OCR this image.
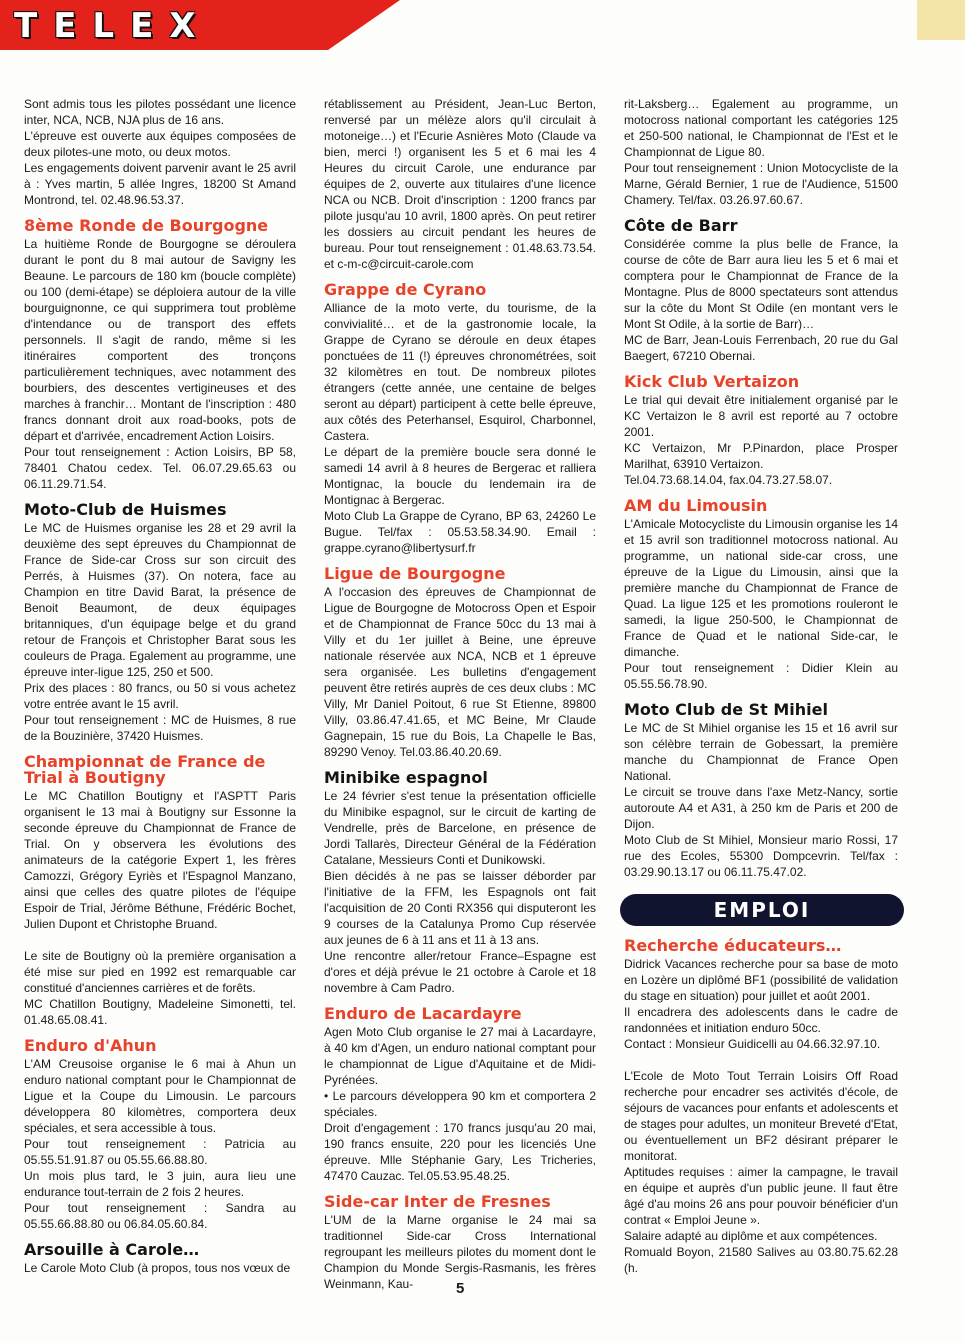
TELEX

Sont admis tous les pilotes possédant une licence inter, NCA, NCB, NJA plus de 16 ans.

L'épreuve est ouverte aux équipes composées de deux pilotes-une moto, ou deux motos.

Les engagements doivent parvenir avant le 25 avril à : Yves martin, 5 allée Ingres, 18200 St Amand Montrond, tel. 02.48.96.53.37.

8ème Ronde de Bourgogne

La huitième Ronde de Bourgogne se déroulera durant le pont du 8 mai autour de Savigny les Beaune. Le parcours de 180 km (boucle complète) ou 100 (demi-étape) se déploiera autour de la ville bourguignonne, ce qui supprimera tout problème d'intendance ou de transport des effets personnels. Il s'agit de rando, même si les itinéraires comportent des tronçons particulièrement techniques, avec notamment des bourbiers, des descentes vertigineuses et des marches à franchir… Montant de l'inscription : 480 francs donnant droit aux road-books, pots de départ et d'arrivée, encadrement Action Loisirs.

Pour tout renseignement : Action Loisirs, BP 58, 78401 Chatou cedex. Tel. 06.07.29.65.63 ou 06.11.29.71.54.

Moto-Club de Huismes

Le MC de Huismes organise les 28 et 29 avril la deuxième des sept épreuves du Championnat de France de Side-car Cross sur son circuit des Perrés, à Huismes (37). On notera, face au Champion en titre David Barat, la présence de Benoit Beaumont, de deux équipages britanniques, d'un équipage belge et du grand retour de François et Christopher Barat sous les couleurs de Praga. Egalement au programme, une épreuve inter-ligue 125, 250 et 500.

Prix des places : 80 francs, ou 50 si vous achetez votre entrée avant le 15 avril.

Pour tout renseignement : MC de Huismes, 8 rue de la Bouzinière, 37420 Huismes.

Championnat de France de Trial à Boutigny

Le MC Chatillon Boutigny et l'ASPTT Paris organisent le 13 mai à Boutigny sur Essonne la seconde épreuve du Championnat de France de Trial. On y observera les évolutions des animateurs de la catégorie Expert 1, les frères Camozzi, Grégory Eyriès et l'Espagnol Manzano, ainsi que celles des quatre pilotes de l'équipe Espoir de Trial, Jérôme Béthune, Frédéric Bochet, Julien Dupont et Christophe Bruand.

Le site de Boutigny où la première organisation a été mise sur pied en 1992 est remarquable car constitué d'anciennes carrières et de forêts.

MC Chatillon Boutigny, Madeleine Simonetti, tel. 01.48.65.08.41.

Enduro d'Ahun

L'AM Creusoise organise le 6 mai à Ahun un enduro national comptant pour le Championnat de Ligue et la Coupe du Limousin. Le parcours développera 80 kilomètres, comportera deux spéciales, et sera accessible à tous.

Pour tout renseignement : Patricia au 05.55.51.91.87 ou 05.55.66.88.80.

Un mois plus tard, le 3 juin, aura lieu une endurance tout-terrain de 2 fois 2 heures.

Pour tout renseignement : Sandra au 05.55.66.88.80 ou 06.84.05.60.84.

Arsouille à Carole…

Le Carole Moto Club (à propos, tous nos vœux de

rétablissement au Président, Jean-Luc Berton, renversé par un mélèze alors qu'il circulait à motoneige…) et l'Ecurie Asnières Moto (Claude va bien, merci !) organisent les 5 et 6 mai les 4 Heures du circuit Carole, une endurance par équipes de 2, ouverte aux titulaires d'une licence NCA ou NCB. Droit d'inscription : 1200 francs par pilote jusqu'au 10 avril, 1800 après. On peut retirer les dossiers au circuit pendant les heures de bureau. Pour tout renseignement : 01.48.63.73.54. et c-m-c@circuit-carole.com

Grappe de Cyrano

Alliance de la moto verte, du tourisme, de la convivialité… et de la gastronomie locale, la Grappe de Cyrano se déroule en deux étapes ponctuées de 11 (!) épreuves chronométrées, soit 32 kilomètres en tout. De nombreux pilotes étrangers (cette année, une centaine de belges seront au départ) participent à cette belle épreuve, aux côtés des Peterhansel, Esquirol, Charbonnel, Castera.

Le départ de la première boucle sera donné le samedi 14 avril à 8 heures de Bergerac et ralliera Montignac, la boucle du lendemain ira de Montignac à Bergerac.

Moto Club La Grappe de Cyrano, BP 63, 24260 Le Bugue. Tel/fax : 05.53.58.34.90. Email : grappe.cyrano@libertysurf.fr

Ligue de Bourgogne

A l'occasion des épreuves de Championnat de Ligue de Bourgogne de Motocross Open et Espoir et de Championnat de France 50cc du 13 mai à Villy et du 1er juillet à Beine, une épreuve nationale réservée aux NCA, NCB et 1 épreuve sera organisée. Les bulletins d'engagement peuvent être retirés auprès de ces deux clubs : MC Villy, Mr Daniel Poitout, 6 rue St Etienne, 89800 Villy, 03.86.47.41.65, et MC Beine, Mr Claude Gagnepain, 15 rue du Bois, La Chapelle le Bas, 89290 Venoy. Tel.03.86.40.20.69.

Minibike espagnol

Le 24 février s'est tenue la présentation officielle du Minibike espagnol, sur le circuit de karting de Vendrelle, près de Barcelone, en présence de Jordi Tallarès, Directeur Général de la Fédération Catalane, Messieurs Conti et Dunikowski.

Bien décidés à ne pas se laisser déborder par l'initiative de la FFM, les Espagnols ont fait l'acquisition de 20 Conti RX356 qui disputeront les 9 courses de la Catalunya Promo Cup réservée aux jeunes de 6 à 11 ans et 11 à 13 ans.

Une rencontre aller/retour France–Espagne est d'ores et déjà prévue le 21 octobre à Carole et 18 novembre à Cam Padro.

Enduro de Lacardayre

Agen Moto Club organise le 27 mai à Lacardayre, à 40 km d'Agen, un enduro national comptant pour le championnat de Ligue d'Aquitaine et de Midi-Pyrénées.

• Le parcours développera 90 km et comportera 2 spéciales.

Droit d'engagement : 170 francs jusqu'au 20 mai, 190 francs ensuite, 220 pour les licenciés Une épreuve. Mlle Stéphanie Gary, Les Tricheries, 47470 Cauzac. Tel.05.53.95.48.25.

Side-car Inter de Fresnes

L'UM de la Marne organise le 24 mai sa traditionnel Side-car Cross International regroupant les meilleurs pilotes du moment dont le Champion du Monde Sergis-Rasmanis, les frères Weinmann, Kau-

rit-Laksberg… Egalement au programme, un motocross national comportant les catégories 125 et 250-500 national, le Championnat de l'Est et le Championnat de Ligue 80.

Pour tout renseignement : Union Motocycliste de la Marne, Gérald Bernier, 1 rue de l'Audience, 51500 Chamery. Tel/fax. 03.26.97.60.67.

Côte de Barr

Considérée comme la plus belle de France, la course de côte de Barr aura lieu les 5 et 6 mai et comptera pour le Championnat de France de la Montagne. Plus de 8000 spectateurs sont attendus sur la côte du Mont St Odile (en montant vers le Mont St Odile, à la sortie de Barr)…

MC de Barr, Jean-Louis Ferrenbach, 20 rue du Gal Baegert, 67210 Obernai.

Kick Club Vertaizon

Le trial qui devait être initialement organisé par le KC Vertaizon le 8 avril est reporté au 7 octobre 2001.

KC Vertaizon, Mr P.Pinardon, place Prosper Marilhat, 63910 Vertaizon.

Tel.04.73.68.14.04, fax.04.73.27.58.07.

AM du Limousin

L'Amicale Motocycliste du Limousin organise les 14 et 15 avril son traditionnel motocross national. Au programme, un national side-car cross, une épreuve de la Ligue du Limousin, ainsi que la première manche du Championnat de France de Quad. La ligue 125 et les promotions rouleront le samedi, la ligue 250-500, le Championnat de France de Quad et le national Side-car, le dimanche.

Pour tout renseignement : Didier Klein au 05.55.56.78.90.

Moto Club de St Mihiel

Le MC de St Mihiel organise les 15 et 16 avril sur son célèbre terrain de Gobessart, la première manche du Championnat de France Open National.

Le circuit se trouve dans l'axe Metz-Nancy, sortie autoroute A4 et A31, à 250 km de Paris et 200 de Dijon.

Moto Club de St Mihiel, Monsieur mario Rossi, 17 rue des Ecoles, 55300 Dompcevrin. Tel/fax : 03.29.90.13.17 ou 06.11.75.47.02.

EMPLOI
Recherche éducateurs…

Didrick Vacances recherche pour sa base de moto en Lozère un diplômé BF1 (possibilité de validation du stage en situation) pour juillet et août 2001.

Il encadrera des adolescents dans le cadre de randonnées et initiation enduro 50cc.

Contact : Monsieur Guidicelli au 04.66.32.97.10.

L'Ecole de Moto Tout Terrain Loisirs Off Road recherche pour encadrer ses activités d'école, de séjours de vacances pour enfants et adolescents et de stages pour adultes, un moniteur Breveté d'Etat, ou éventuellement un BF2 désirant préparer le monitorat.

Aptitudes requises : aimer la campagne, le travail en équipe et auprès d'un public jeune. Il faut être âgé d'au moins 26 ans pour pouvoir bénéficier d'un contrat « Emploi Jeune ».

Salaire adapté au diplôme et aux compétences.

Romuald Boyon, 21580 Salives au 03.80.75.62.28 (h.

5
